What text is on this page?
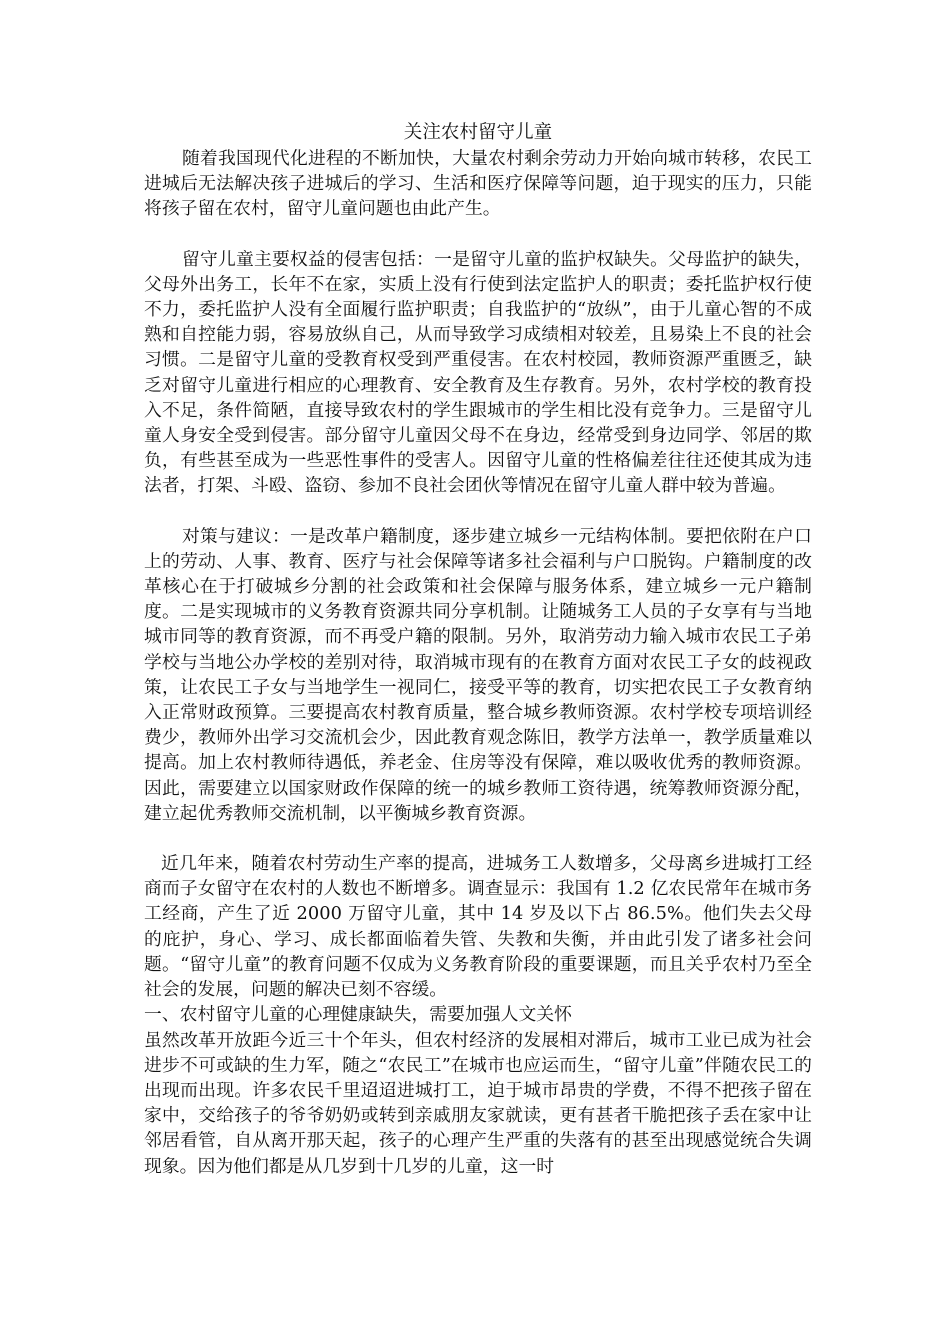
关注农村留守儿童

随着我国现代化进程的不断加快，大量农村剩余劳动力开始向城市转移，农民工进城后无法解决孩子进城后的学习、生活和医疗保障等问题，迫于现实的压力，只能将孩子留在农村，留守儿童问题也由此产生。

留守儿童主要权益的侵害包括：一是留守儿童的监护权缺失。父母监护的缺失，父母外出务工，长年不在家，实质上没有行使到法定监护人的职责；委托监护权行使不力，委托监护人没有全面履行监护职责；自我监护的“放纵”，由于儿童心智的不成熟和自控能力弱，容易放纵自己，从而导致学习成绩相对较差，且易染上不良的社会习惯。二是留守儿童的受教育权受到严重侵害。在农村校园，教师资源严重匮乏，缺乏对留守儿童进行相应的心理教育、安全教育及生存教育。另外，农村学校的教育投入不足，条件简陋，直接导致农村的学生跟城市的学生相比没有竞争力。三是留守儿童人身安全受到侵害。部分留守儿童因父母不在身边，经常受到身边同学、邻居的欺负，有些甚至成为一些恶性事件的受害人。因留守儿童的性格偏差往往还使其成为违法者，打架、斗殴、盗窃、参加不良社会团伙等情况在留守儿童人群中较为普遍。

对策与建议：一是改革户籍制度，逐步建立城乡一元结构体制。要把依附在户口上的劳动、人事、教育、医疗与社会保障等诸多社会福利与户口脱钩。户籍制度的改革核心在于打破城乡分割的社会政策和社会保障与服务体系，建立城乡一元户籍制度。二是实现城市的义务教育资源共同分享机制。让随城务工人员的子女享有与当地城市同等的教育资源，而不再受户籍的限制。另外，取消劳动力输入城市农民工子弟学校与当地公办学校的差别对待，取消城市现有的在教育方面对农民工子女的歧视政策，让农民工子女与当地学生一视同仁，接受平等的教育，切实把农民工子女教育纳入正常财政预算。三要提高农村教育质量，整合城乡教师资源。农村学校专项培训经费少，教师外出学习交流机会少，因此教育观念陈旧，教学方法单一，教学质量难以提高。加上农村教师待遇低，养老金、住房等没有保障，难以吸收优秀的教师资源。因此，需要建立以国家财政作保障的统一的城乡教师工资待遇，统筹教师资源分配，建立起优秀教师交流机制，以平衡城乡教育资源。

近几年来，随着农村劳动生产率的提高，进城务工人数增多，父母离乡进城打工经商而子女留守在农村的人数也不断增多。调查显示：我国有 1.2 亿农民常年在城市务工经商，产生了近 2000 万留守儿童，其中 14 岁及以下占 86.5%。他们失去父母的庇护，身心、学习、成长都面临着失管、失教和失衡，并由此引发了诸多社会问题。“留守儿童”的教育问题不仅成为义务教育阶段的重要课题，而且关乎农村乃至全社会的发展，问题的解决已刻不容缓。

一、农村留守儿童的心理健康缺失，需要加强人文关怀

虽然改革开放距今近三十个年头，但农村经济的发展相对滞后，城市工业已成为社会进步不可或缺的生力军，随之“农民工”在城市也应运而生，“留守儿童”伴随农民工的出现而出现。许多农民千里迢迢进城打工，迫于城市昂贵的学费，不得不把孩子留在家中，交给孩子的爷爷奶奶或转到亲戚朋友家就读，更有甚者干脆把孩子丢在家中让邻居看管，自从离开那天起，孩子的心理产生严重的失落有的甚至出现感觉统合失调现象。因为他们都是从几岁到十几岁的儿童，这一时
